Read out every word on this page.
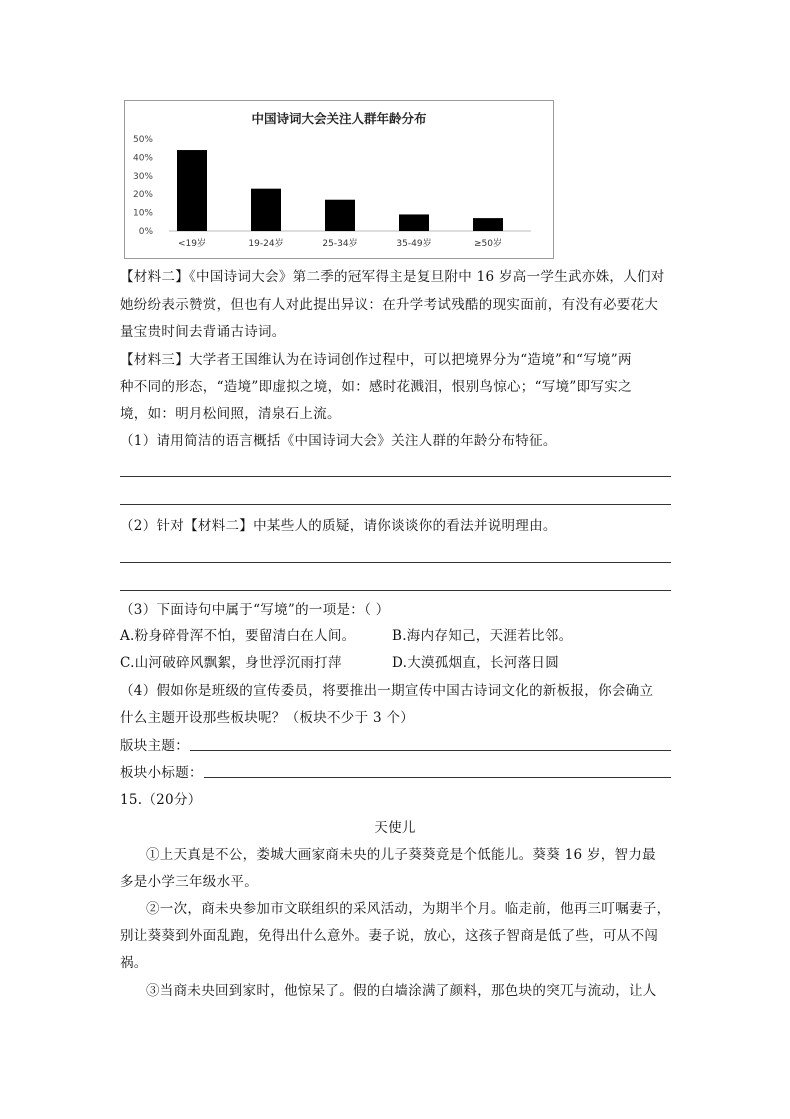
中国诗词大会关注人群年龄分布
50%
40%
30%
20%
10%
0%
<19岁	19-24岁	25-34岁	35-49岁	≥50岁
【材料二】《中国诗词大会》第二季的冠军得主是复旦附中 16 岁高一学生武亦姝，人们对
她纷纷表示赞赏，但也有人对此提出异议：在升学考试残酷的现实面前，有没有必要花大
量宝贵时间去背诵古诗词。
【材料三】大学者王国维认为在诗词创作过程中，可以把境界分为“造境”和“写境”两
种不同的形态，“造境”即虚拟之境，如：感时花溅泪，恨别鸟惊心；“写境”即写实之
境，如：明月松间照，清泉石上流。
（1）请用简洁的语言概括《中国诗词大会》关注人群的年龄分布特征。
（2）针对【材料二】中某些人的质疑，请你谈谈你的看法并说明理由。
（3）下面诗句中属于“写境”的一项是：（ ）
A.粉身碎骨浑不怕，要留清白在人间。	B.海内存知己，天涯若比邻。
C.山河破碎风飘絮，身世浮沉雨打萍	D.大漠孤烟直，长河落日圆
（4）假如你是班级的宣传委员，将要推出一期宣传中国古诗词文化的新板报，你会确立
什么主题开设那些板块呢？（板块不少于 3 个）
版块主题：
板块小标题：
15.（20分）
天使儿
①上天真是不公，娄城大画家商未央的儿子葵葵竟是个低能儿。葵葵 16 岁，智力最
多是小学三年级水平。
②一次，商未央参加市文联组织的采风活动，为期半个月。临走前，他再三叮嘱妻子，
别让葵葵到外面乱跑，免得出什么意外。妻子说，放心，这孩子智商是低了些，可从不闯
祸。
③当商未央回到家时，他惊呆了。假的白墙涂满了颜料，那色块的突兀与流动，让人
